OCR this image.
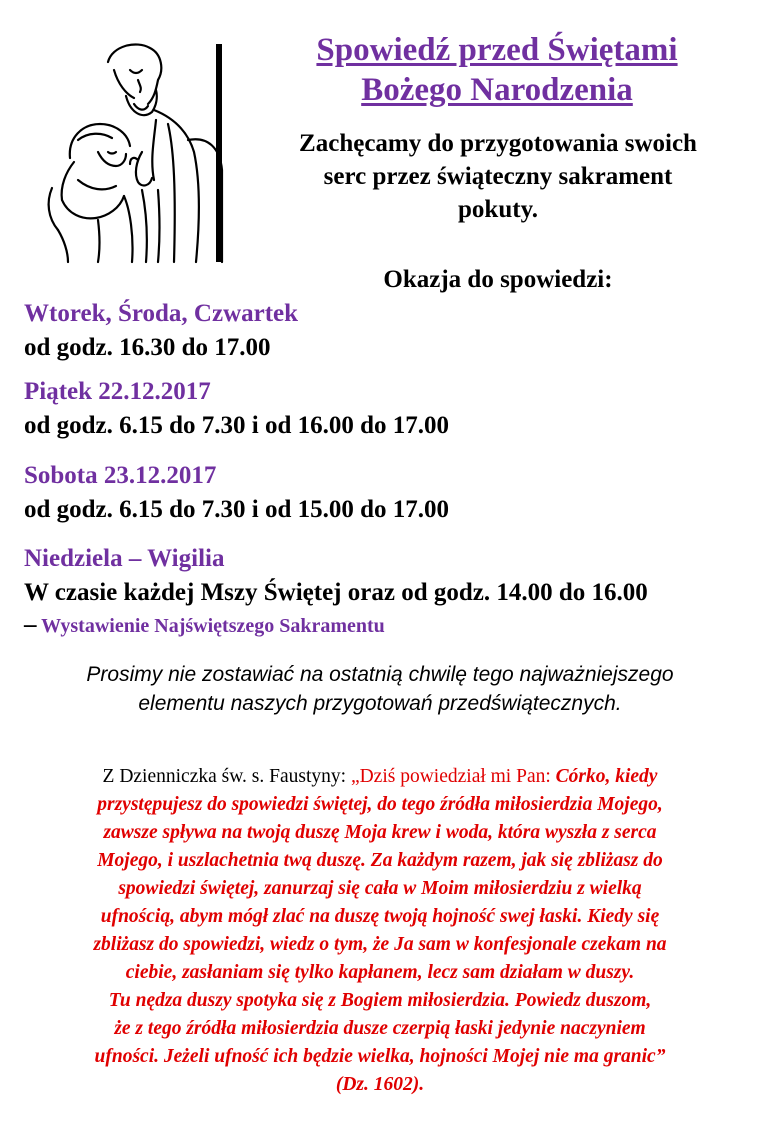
Spowiedź przed Świętami
Bożego Narodzenia
Zachęcamy do przygotowania swoich
serc przez świąteczny sakrament
pokuty.
Okazja do spowiedzi:
Wtorek, Środa, Czwartek
od godz. 16.30 do 17.00
Piątek 22.12.2017
od godz. 6.15 do 7.30 i od 16.00 do 17.00
Sobota 23.12.2017
od godz. 6.15 do 7.30 i od 15.00 do 17.00
Niedziela – Wigilia
W czasie każdej Mszy Świętej oraz od godz. 14.00 do 16.00
– Wystawienie Najświętszego Sakramentu
Prosimy nie zostawiać na ostatnią chwilę tego najważniejszego
elementu naszych przygotowań przedświątecznych.
Z Dzienniczka św. s. Faustyny: „Dziś powiedział mi Pan: Córko, kiedy
przystępujesz do spowiedzi świętej, do tego źródła miłosierdzia Mojego,
zawsze spływa na twoją duszę Moja krew i woda, która wyszła z serca
Mojego, i uszlachetnia twą duszę. Za każdym razem, jak się zbliżasz do
spowiedzi świętej, zanurzaj się cała w Moim miłosierdziu z wielką
ufnością, abym mógł zlać na duszę twoją hojność swej łaski. Kiedy się
zbliżasz do spowiedzi, wiedz o tym, że Ja sam w konfesjonale czekam na
ciebie, zasłaniam się tylko kapłanem, lecz sam działam w duszy.
Tu nędza duszy spotyka się z Bogiem miłosierdzia. Powiedz duszom,
że z tego źródła miłosierdzia dusze czerpią łaski jedynie naczyniem
ufności. Jeżeli ufność ich będzie wielka, hojności Mojej nie ma granic”
(Dz. 1602).
